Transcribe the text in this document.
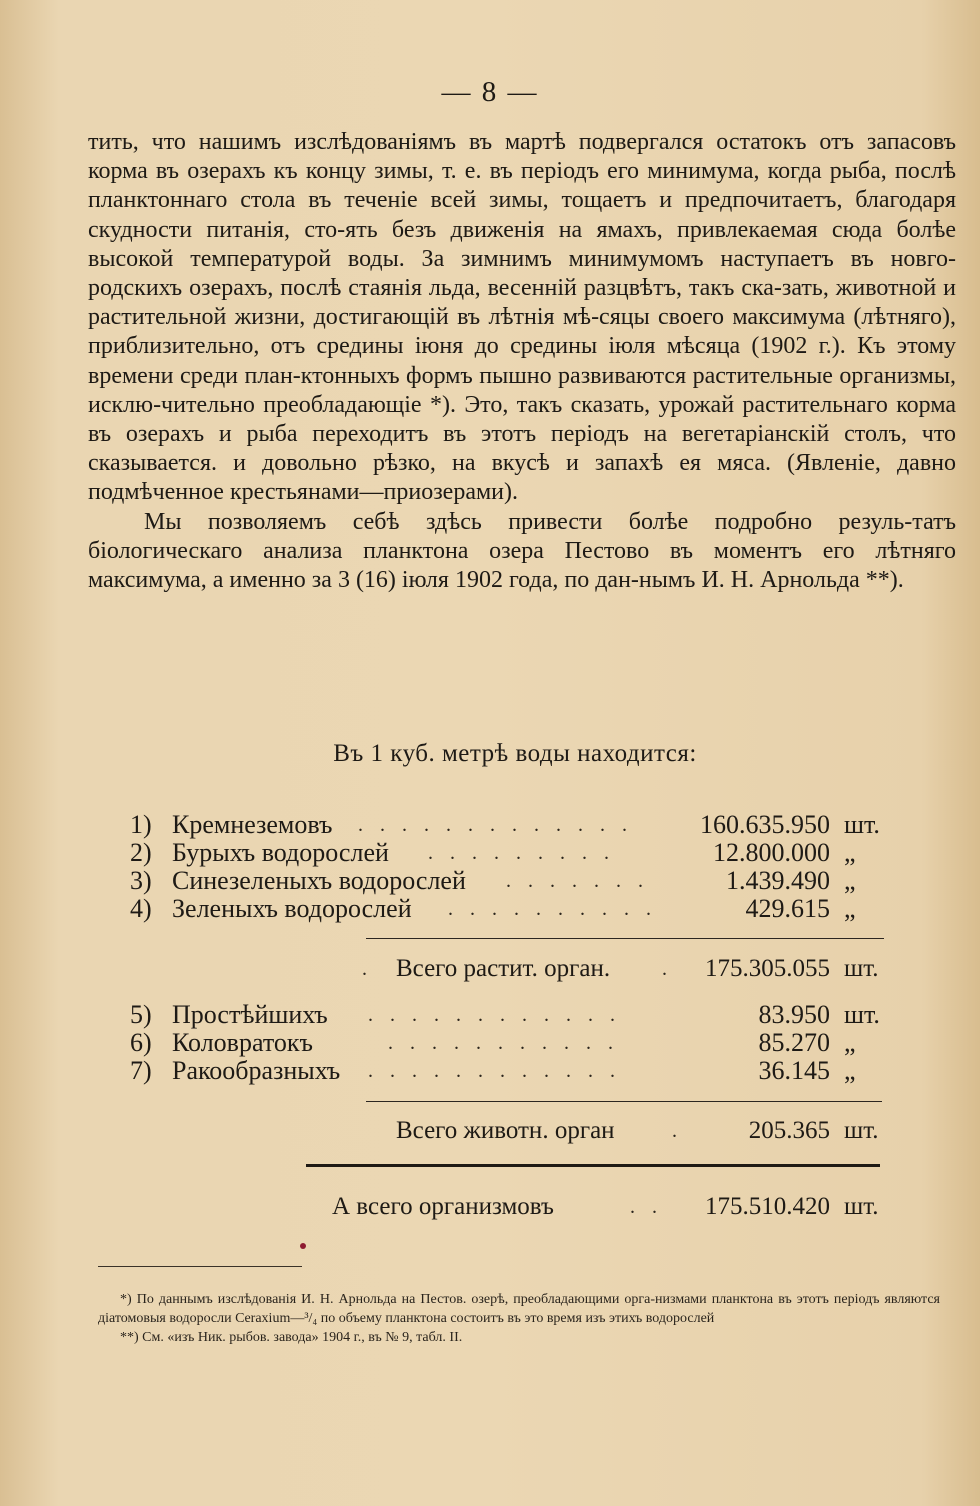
— 8 —

тить, что нашимъ изслѣдованiямъ въ мартѣ подвергался остатокъ отъ запасовъ корма въ озерахъ къ концу зимы, т. е. въ перiодъ его минимума, когда рыба, послѣ планктоннаго стола въ теченiе всей зимы, тощаетъ и предпочитаетъ, благодаря скудности питанiя, сто-ять безъ движенiя на ямахъ, привлекаемая сюда болѣе высокой температурой воды. За зимнимъ минимумомъ наступаетъ въ новго-родскихъ озерахъ, послѣ стаянiя льда, весеннiй разцвѣтъ, такъ ска-зать, животной и растительной жизни, достигающiй въ лѣтнiя мѣ-сяцы своего максимума (лѣтняго), приблизительно, отъ средины iюня до средины iюля мѣсяца (1902 г.). Къ этому времени среди план-ктонныхъ формъ пышно развиваются растительные организмы, исклю-чительно преобладающiе *). Это, такъ сказать, урожай растительнаго корма въ озерахъ и рыба переходитъ въ этотъ перiодъ на вегетарiанскiй столъ, что сказывается. и довольно рѣзко, на вкусѣ и запахѣ ея мяса. (Явленiе, давно подмѣченное крестьянами—приозерами).

Мы позволяемъ себѣ здѣсь привести болѣе подробно резуль-татъ бiологическаго анализа планктона озера Пестово въ моментъ его лѣтняго максимума, а именно за 3 (16) iюля 1902 года, по дан-нымъ И. Н. Арнольда **).

Въ 1 куб. метрѣ воды находится:
1) Кремнеземовъ . . . . . . . . . . . . .	160.635.950 шт.
2) Бурыхъ водорослей . . . . . . . . .	12.800.000 „
3) Синезеленыхъ водорослей . . . . . . .	1.439.490 „
4) Зеленыхъ водорослей . . . . . . . . . .	429.615 „
. Всего растит. орган.	. 175.305.055 шт.
5) Простѣйшихъ . . . . . . . . . . . .	83.950 шт.
6) Коловратокъ	. . . . . . . . . . .	85.270 „
7) Ракообразныхъ . . . . . . . . . . . .	36.145 „
Всего животн. орган	.	205.365 шт.
А всего организмовъ	. . 175.510.420 шт.

*) По даннымъ изслѣдованiя И. Н. Арнольда на Пестов. озерѣ, преобладающими орга-низмами планктона въ этотъ перiодъ являются дiатомовыя водоросли Ceraxium—³/₄ по объему планктона состоитъ въ это время изъ этихъ водорослей

**) См. «изъ Ник. рыбов. завода» 1904 г., въ № 9, табл. II.
